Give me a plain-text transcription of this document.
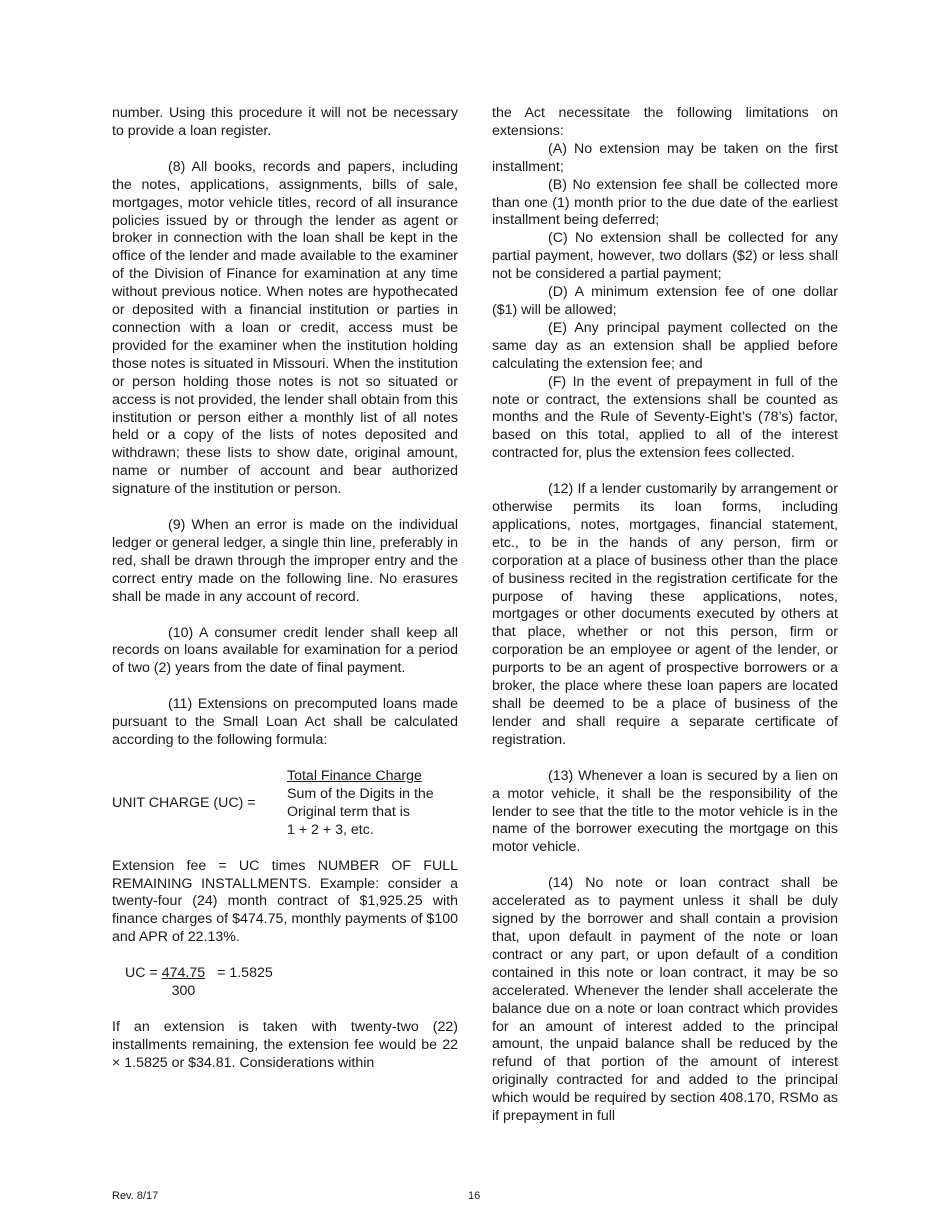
number. Using this procedure it will not be necessary to provide a loan register.

(8) All books, records and papers, including the notes, applications, assignments, bills of sale, mortgages, motor vehicle titles, record of all insurance policies issued by or through the lender as agent or broker in connection with the loan shall be kept in the office of the lender and made available to the examiner of the Division of Finance for examination at any time without previous notice. When notes are hypothecated or deposited with a financial institution or parties in connection with a loan or credit, access must be provided for the examiner when the institution holding those notes is situated in Missouri. When the institution or person holding those notes is not so situated or access is not provided, the lender shall obtain from this institution or person either a monthly list of all notes held or a copy of the lists of notes deposited and withdrawn; these lists to show date, original amount, name or number of account and bear authorized signature of the institution or person.

(9) When an error is made on the individual ledger or general ledger, a single thin line, preferably in red, shall be drawn through the improper entry and the correct entry made on the following line. No erasures shall be made in any account of record.

(10) A consumer credit lender shall keep all records on loans available for examination for a period of two (2) years from the date of final payment.

(11) Extensions on precomputed loans made pursuant to the Small Loan Act shall be calculated according to the following formula:

UNIT CHARGE (UC) =
Total Finance Charge
Sum of the Digits in the
Original term that is
1 + 2 + 3, etc.

Extension fee = UC times NUMBER OF FULL REMAINING INSTALLMENTS. Example: consider a twenty-four (24) month contract of $1,925.25 with finance charges of $474.75, monthly payments of $100 and APR of 22.13%.

UC = $\frac{474.75}{300} = 1.5825$

If an extension is taken with twenty-two (22) installments remaining, the extension fee would be 22 × 1.5825 or $34.81. Considerations within

the Act necessitate the following limitations on extensions:

(A) No extension may be taken on the first installment;

(B) No extension fee shall be collected more than one (1) month prior to the due date of the earliest installment being deferred;

(C) No extension shall be collected for any partial payment, however, two dollars ($2) or less shall not be considered a partial payment;

(D) A minimum extension fee of one dollar ($1) will be allowed;

(E) Any principal payment collected on the same day as an extension shall be applied before calculating the extension fee; and

(F) In the event of prepayment in full of the note or contract, the extensions shall be counted as months and the Rule of Seventy-Eight’s (78’s) factor, based on this total, applied to all of the interest contracted for, plus the extension fees collected.

(12) If a lender customarily by arrangement or otherwise permits its loan forms, including applications, notes, mortgages, financial statement, etc., to be in the hands of any person, firm or corporation at a place of business other than the place of business recited in the registration certificate for the purpose of having these applications, notes, mortgages or other documents executed by others at that place, whether or not this person, firm or corporation be an employee or agent of the lender, or purports to be an agent of prospective borrowers or a broker, the place where these loan papers are located shall be deemed to be a place of business of the lender and shall require a separate certificate of registration.

(13) Whenever a loan is secured by a lien on a motor vehicle, it shall be the responsibility of the lender to see that the title to the motor vehicle is in the name of the borrower executing the mortgage on this motor vehicle.

(14) No note or loan contract shall be accelerated as to payment unless it shall be duly signed by the borrower and shall contain a provision that, upon default in payment of the note or loan contract or any part, or upon default of a condition contained in this note or loan contract, it may be so accelerated. Whenever the lender shall accelerate the balance due on a note or loan contract which provides for an amount of interest added to the principal amount, the unpaid balance shall be reduced by the refund of that portion of the amount of interest originally contracted for and added to the principal which would be required by section 408.170, RSMo as if prepayment in full

Rev. 8/17	16
